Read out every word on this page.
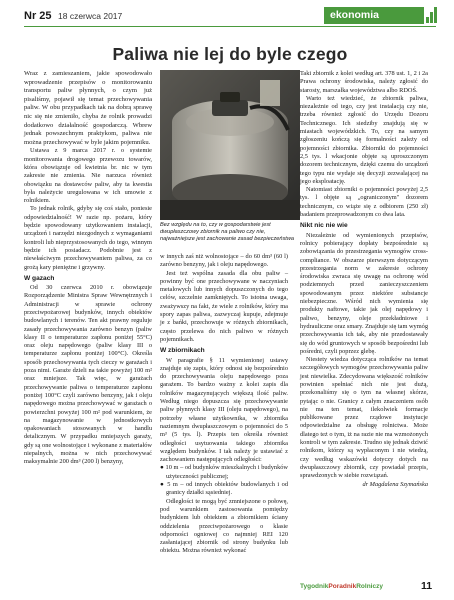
Nr 25 18 czerwca 2017	ekonomia
Paliwa nie lej do byle czego

Wraz z zamieszaniem, jakie spowodowało wprowadzenie przepisów o monitorowaniu transportu paliw płynnych, o czym już pisaliśmy, pojawił się temat przechowywania paliw. W obu przypadkach tak na dobrą sprawę nic się nie zmieniło, chyba że rolnik prowadzi dodatkowo działalność gospodarczą. Wbrew jednak powszechnym praktykom, paliwa nie można przechowywać w byle jakim pojemniku.

Ustawa z 9 marca 2017 r. o systemie monitorowania drogowego przewozu towarów, która obowiązuje od kwietnia br. nic w tym zakresie nie zmienia. Nie narzuca również obowiązku na dostawców paliw, aby ta kwestia była należycie uregulowana w ich umowie z rolnikiem.

To jednak rolnik, gdyby się coś stało, poniesie odpowiedzialność! W razie np. pożaru, który będzie spowodowany użytkowaniem instalacji, urządzeń i narzędzi niezgodnych z wymaganiami kontroli lub nieprzystosowanych do tego, winnym będzie ich posiadacz. Podobnie jest z niewłaściwym przechowywaniem paliwa, za co grożą kary pieniężne i grzywny.

W gazach

Od 30 czerwca 2010 r. obowiązuje Rozporządzenie Ministra Spraw Wewnętrznych i Administracji w sprawie ochrony przeciwpożarowej budynków, innych obiektów budowlanych i terenów. Ten akt prawny reguluje zasady przechowywania zarówno benzyn (paliw klasy II o temperaturze zapłonu poniżej 55°C) oraz oleju napędowego (paliw klasy III o temperaturze zapłonu poniżej 100°C). Określa sposób przechowywania tych cieczy w garażach i poza nimi. Garaże dzieli na takie powyżej 100 m² oraz mniejsze. Tak więc, w garażach przechowywanie paliwa o temperaturze zapłonu poniżej 100°C czyli zarówno benzyny, jak i oleju napędowego można przechowywać w garażach o powierzchni powyżej 100 m² pod warunkiem, że na magazynowanie w jednostkowych opakowaniach stosowanych w handlu detalicznym. W przypadku mniejszych garaży, gdy są one wolnostojące i wykonane z materiałów niepalnych, można w nich przechowywać maksymalnie 200 dm³ (200 l) benzyny,

Bez względu na to, czy w gospodarstwie jest dwupłaszczowy zbiornik na paliwo czy nie, najważniejsze jest zachowanie zasad bezpieczeństwa

w innych zaś niż wolnostojące – do 60 dm³ (60 l) zarówno benzyny, jak i oleju napędowego.

Jest też wspólna zasada dla obu paliw – powinny być one przechowywane w naczyniach metalowych lub innych dopuszczonych do tego celów, szczelnie zamkniętych. To istotna uwaga, zważywszy na fakt, że wiele z rolników, który ma spory zapas paliwa, zazwyczaj kupuje, zdejmuje je z bańki, przechowuje w różnych zbiornikach, często przelewa do nich paliwo w różnych pojemnikach.

W zbiornikach

W paragrafie § 11 wymienionej ustawy znajduje się zapis, który odnosi się bezpośrednio do przechowywania oleju napędowego poza garażem. To bardzo ważny z kolei zapis dla rolników magazynujących większą ilość paliw. Według niego dopuszcza się przechowywanie paliw płynnych klasy III (oleju napędowego), na potrzeby własne użytkownika, w zbiornika naziemnym dwupłaszczowym o pojemności do 5 m³ (5 tys. l). Przepis ten określa również odległości usytuowania takiego zbiornika względem budynków. I tak należy je ustawiać z zachowaniem następujących odległości:

● 10 m – od budynków mieszkalnych i budynków użyteczności publicznej;
● 5 m – od innych obiektów budowlanych i od granicy działki sąsiedniej.

Odległości te mogą być zmniejszone o połowę, pod warunkiem zastosowania pomiędzy budynkiem lub obiektem a zbiornikiem ściany oddzielenia przeciwpożarowego o klasie odporności ogniowej co najmniej REI 120 zasłaniającej zbiornik od strony budynku lub obiektu. Można również wykonać

Taki zbiornik z kolei według art. 378 ust. 1, 2 i 2a Prawa ochrony środowiska, należy zgłosić do starosty, marszałka województwa albo RDOŚ.

Warto też wiedzieć, że zbiornik paliwa, niezależnie od tego, czy jest instalacją czy nie, trzeba również zgłosić do Urzędu Dozoru Technicznego. Ich siedziby znajdują się w miastach wojewódzkich. To, czy na samym zgłoszeniu kończą się formalności zależy od pojemności zbiornika. Zbiorniki do pojemności 2,5 tys. l wkacjonie objęte są uproszczonym dozorem technicznym, dzięki czemu do urządzeń tego typu nie wydaje się decyzji zezwalającej na jego eksploatację.

Natomiast zbiorniki o pojemności powyżej 2,5 tys. l objęte są „ograniczonym" dozorem technicznym, co wiąże się z odbiorem (250 zł) badaniem przeprowadzonym co dwa lata.

Nikt nic nie wie

Niezależnie od wymienionych przepisów, rolnicy pobierający dopłaty bezpośrednie są zobowiązania do przestrzegania wymogów cross-compliance. W obszarze pierwszym dotyczącym przestrzegania norm w zakresie ochrony środowiska zwraca się uwagę na ochronę wód podziemnych przed zanieczyszczeniem spowodowanym przez niektóre substancje niebezpieczne. Wśród nich wymienia się produkty naftowe, takie jak olej napędowy i paliwo, benzyny, oleje przekładniowe i hydrauliczne oraz smary. Znajduje się tam wymóg przechowywania ich tak, aby nie przedostawały się do wód gruntowych w sposób bezpośredni lub pośredni, czyli poprzez glebę.

Niestety wiedza dotycząca rolników na temat szczegółowych wymogów przechowywania paliw jest niewielka. Zdecydowana większość rolników powinien spełniać nich nie jest dużą, przekonaliśmy się o tym na własnej skórze, pytając o nie. Granicy z całym znaczeniem osób nie ma ten temat, ilekolwiek formacje publikowane przez rządowe instytucje odpowiedzialne za obsługę rolnictwa. Może dlatego też o tym, iż na razie nie ma wzmożonych kontroli w tym zakresie. Trudno się jednak dziwić rolnikom, którzy są wypłaconym i nie wiedzą, czy według wskazówki dotyczy dotych na dwupłaszczowy zbiornik, czy powiadał przepis, sprawdzonych w siebie rozwiązań.

dr Magdalena Szymańska

TygodnikPoradnikRolniczy	11
